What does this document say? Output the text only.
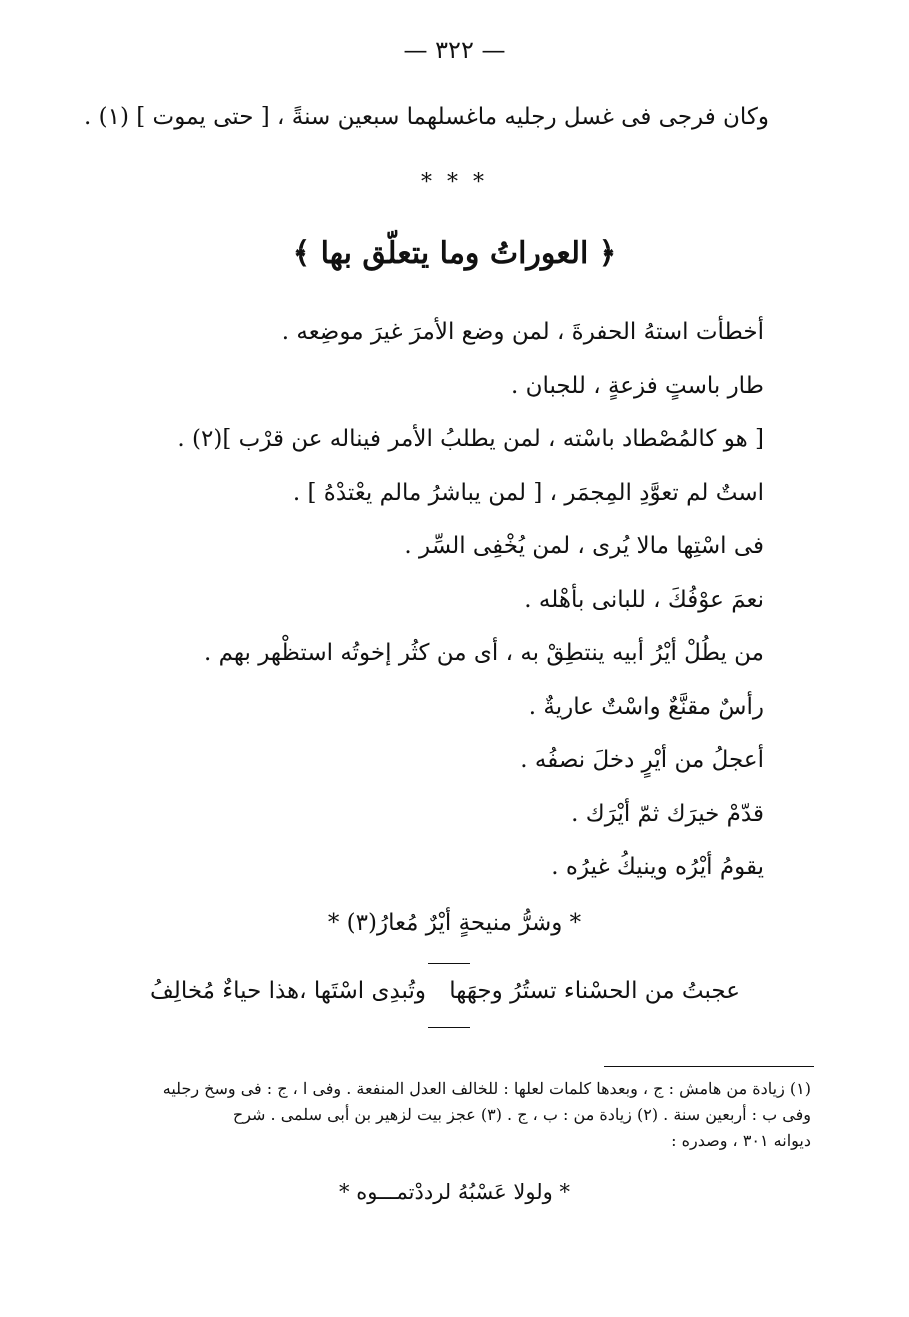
— ٣٢٢ —
وكان فرجى فى غسل رجليه ماغسلهما سبعين سنةً ، [ حتى يموت ] (١) .
* * *
﴿ العوراتُ وما يتعلّق بها ﴾
أخطأت استهُ الحفرةَ ، لمن وضع الأمرَ غيرَ موضِعه .
طار باستٍ فزعةٍ ، للجبان .
[ هو كالمُصْطاد باسْته ، لمن يطلبُ الأمر فيناله عن قرْب ](٢) .
استٌ لم تعوَّدِ المِجمَر ، [ لمن يباشرُ مالم يعْتدْهُ ] .
فى اسْتِها مالا يُرى ، لمن يُخْفِى السِّر .
نعمَ عوْفُكَ ، للبانى بأهْله .
من يطُلْ أيْرُ أبيه ينتطِقْ به ، أى من كثُر إخوتُه استظْهر بهم .
رأسٌ مقنَّعٌ واسْتٌ عاريةٌ .
أعجلُ من أيْرٍ دخلَ نصفُه .
قدّمْ خيرَك ثمّ أيْرَك .
يقومُ أيْرُه وينيكُ غيرُه .
* وشرُّ منيحةٍ أيْرٌ مُعارُ(٣) *
عجبتُ من الحسْناء تستُرُ وجهَها
وتُبدِى اسْتَها ،هذا حياءٌ مُخالِفُ
(١) زيادة من هامش : ج ، وبعدها كلمات لعلها : للخالف العدل المنفعة . وفى ا ، ج : فى وسخ رجليه
وفى ب : أربعين سنة . (٢) زيادة من : ب ، ج . (٣) عجز بيت لزهير بن أبى سلمى . شرح
ديوانه ٣٠١ ، وصدره :
* ولولا عَسْبُهُ لرددْتمـــوه *
